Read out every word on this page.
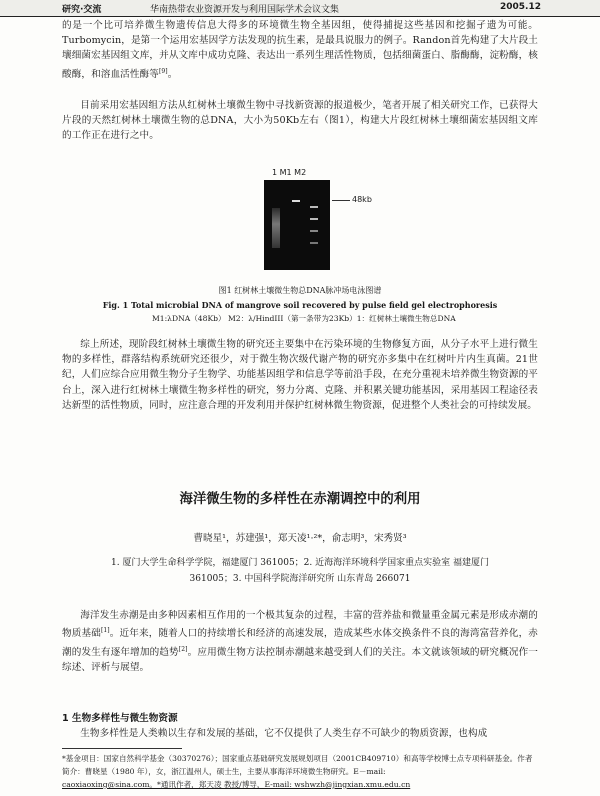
研究·交流	华南热带农业资源开发与利用国际学术会议文集	2005.12
的是一个比可培养微生物遗传信息大得多的环境微生物全基因组，使得捕捉这些基因和挖掘孑遗为可能。Turbomycin，是第一个运用宏基因学方法发现的抗生素，是最具说服力的例子。Randon首先构建了大片段土壤细菌宏基因组文库，并从文库中成功克隆、表达出一系列生理活性物质，包括细菌蛋白、脂酶酶，淀粉酶，核酸酶，和溶血活性酶等[9]。
目前采用宏基因组方法从红树林土壤微生物中寻找新资源的报道极少，笔者开展了相关研究工作，已获得大片段的天然红树林土壤微生物的总DNA，大小为50Kb左右（图1），构建大片段红树林土壤细菌宏基因组文库的工作正在进行之中。
1 M1 M2
48kb
图1 红树林土壤微生物总DNA脉冲场电泳图谱
Fig. 1 Total microbial DNA of mangrove soil recovered by pulse field gel electrophoresis
M1:λDNA（48Kb） M2：λ/HindIII（第一条带为23Kb）1：红树林土壤微生物总DNA
综上所述，现阶段红树林土壤微生物的研究还主要集中在污染环境的生物修复方面，从分子水平上进行微生物的多样性，群落结构系统研究还很少，对于微生物次级代谢产物的研究亦多集中在红树叶片内生真菌。21世纪，人们应综合应用微生物分子生物学、功能基因组学和信息学等前沿手段，在充分重视未培养微生物资源的平台上，深入进行红树林土壤微生物多样性的研究，努力分离、克隆、并积累关键功能基因，采用基因工程途径表达新型的活性物质，同时，应注意合理的开发利用并保护红树林微生物资源，促进整个人类社会的可持续发展。
海洋微生物的多样性在赤潮调控中的利用
曹晓星¹，苏建强¹，郑天凌¹·²*，俞志明³，宋秀贤³
1. 厦门大学生命科学学院，福建厦门 361005；2. 近海海洋环境科学国家重点实验室 福建厦门
361005；3. 中国科学院海洋研究所 山东青岛 266071
海洋发生赤潮是由多种因素相互作用的一个极其复杂的过程，丰富的营养盐和微量重金属元素是形成赤潮的物质基础[1]。近年来，随着人口的持续增长和经济的高速发展，造成某些水体交换条件不良的海湾富营养化，赤潮的发生有逐年增加的趋势[2]。应用微生物方法控制赤潮越来越受到人们的关注。本文就该领域的研究概况作一综述、评析与展望。
1 生物多样性与微生物资源
生物多样性是人类赖以生存和发展的基础，它不仅提供了人类生存不可缺少的物质资源，也构成
*基金项目：国家自然科学基金（30370276）；国家重点基础研究发展规划项目（2001CB409710）和高等学校博士点专项科研基金。作者简介：曹晓星（1980 年），女，浙江温州人，硕士生，主要从事海洋环境微生物研究。E－mail:
caoxiaoxing@sina.com。*通讯作者，郑天凌 教授/博导，E-mail: wshwzh@jingxian.xmu.edu.cn
